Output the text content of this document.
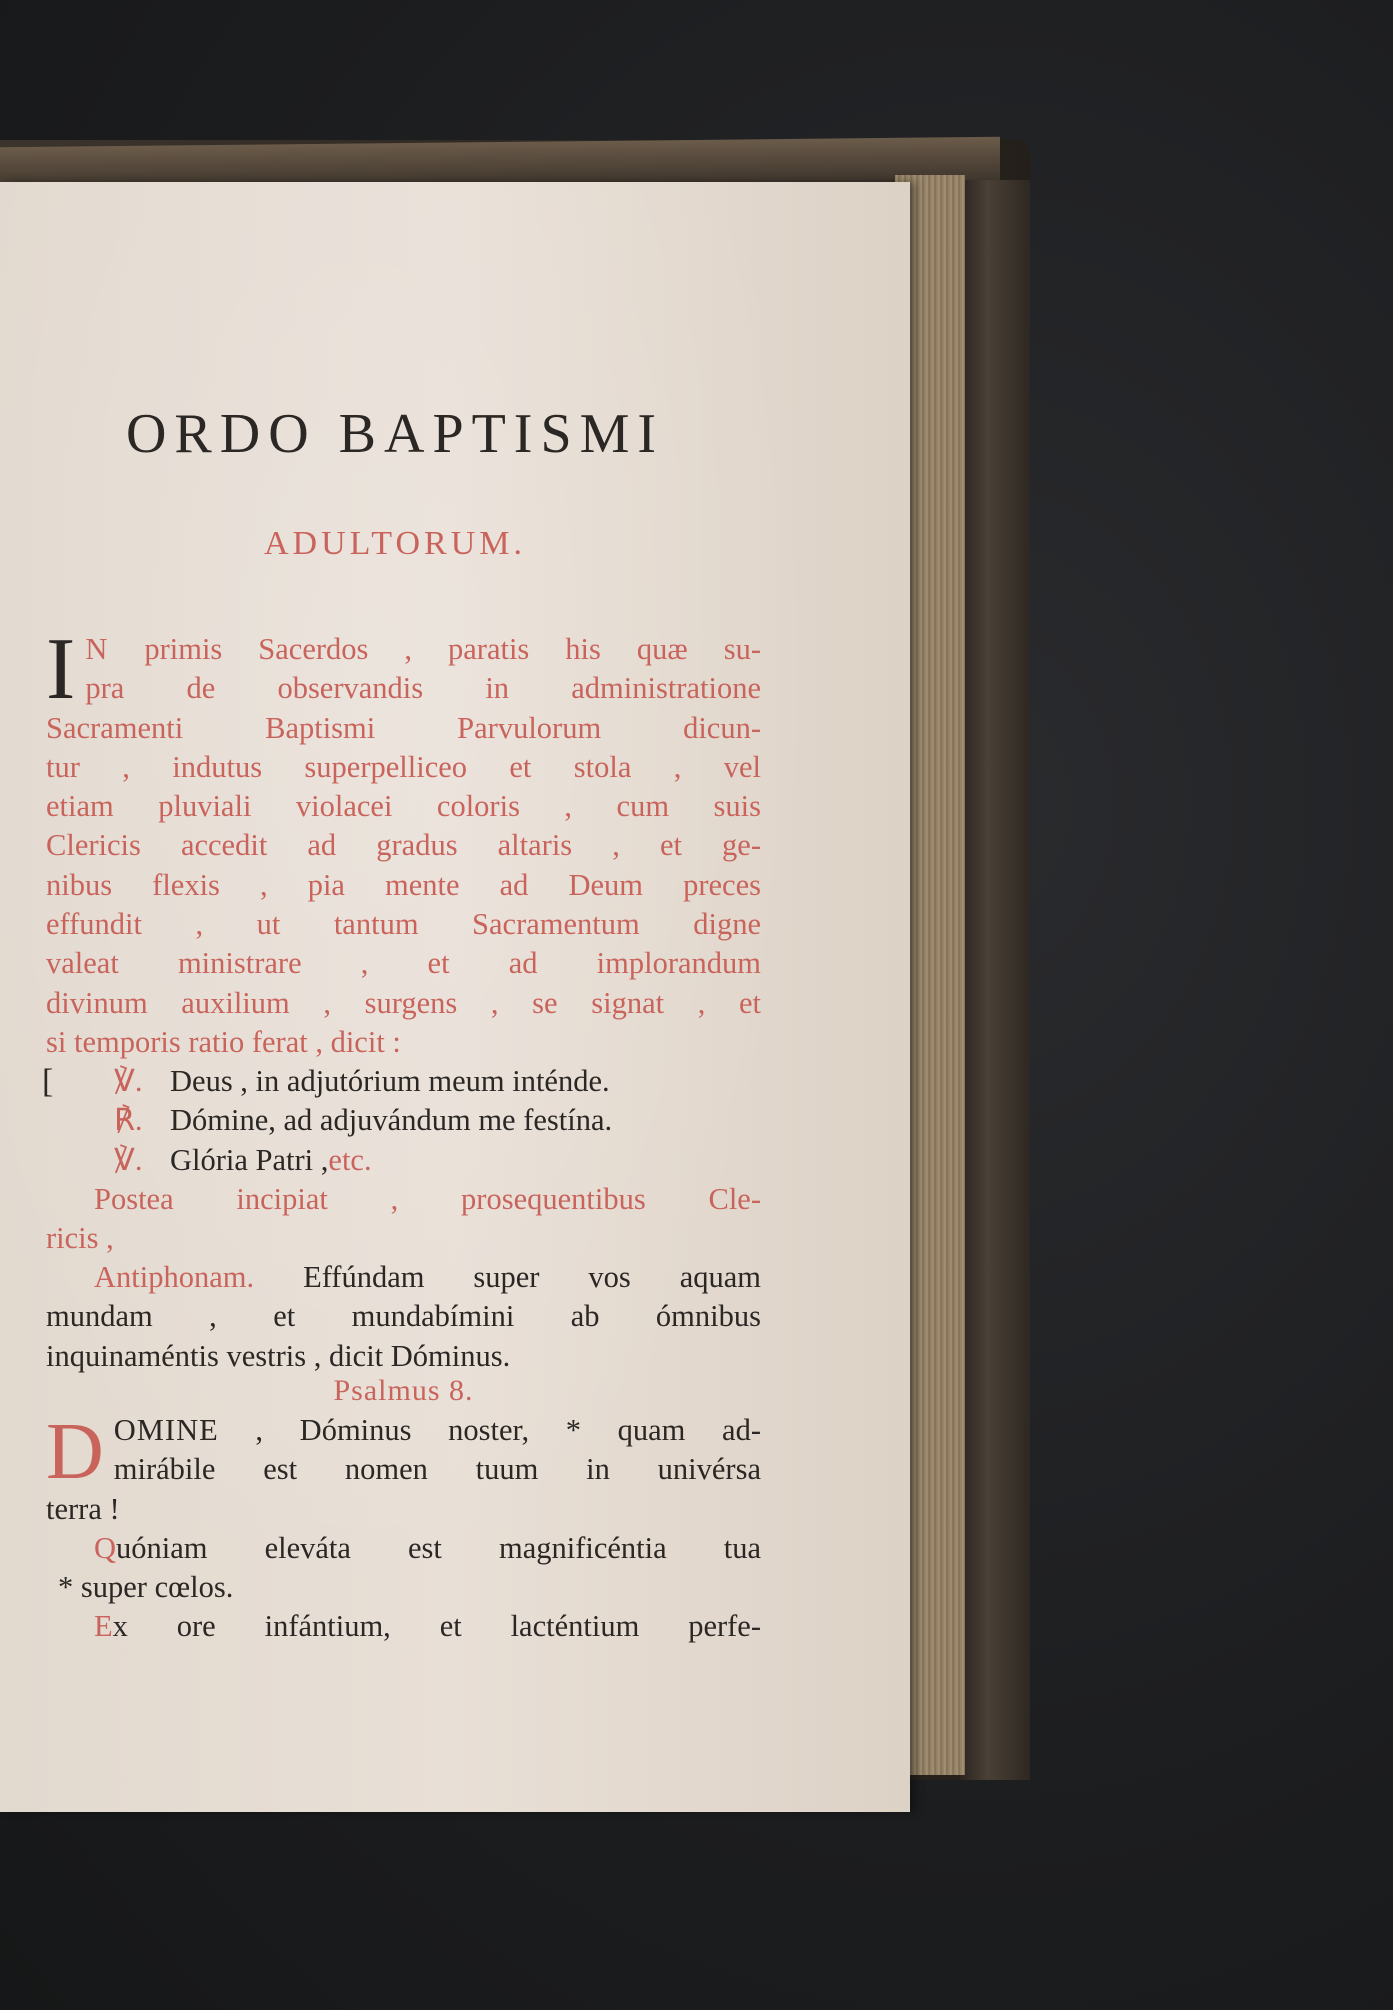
ORDO BAPTISMI
ADULTORUM.
I N primis Sacerdos , paratis his quæ su-
pra de observandis in administratione
Sacramenti Baptismi Parvulorum dicun-
tur , indutus superpelliceo et stola , vel
etiam pluviali violacei coloris , cum suis
Clericis accedit ad gradus altaris , et ge-
nibus flexis , pia mente ad Deum preces
effundit , ut tantum Sacramentum digne
valeat ministrare , et ad implorandum
divinum auxilium , surgens , se signat , et
si temporis ratio ferat , dicit :
[	℣. Deus , in adjutórium meum inténde.
℟. Dómine, ad adjuvándum me festína.
℣. Glória Patri ,etc.
Postea incipiat , prosequentibus Cle-
ricis ,
Antiphonam. Effúndam super vos aquam
mundam , et mundabímini ab ómnibus
inquinaméntis vestris , dicit Dóminus.
Psalmus 8.
D OMINE , Dóminus noster, * quam ad-
mirábile est nomen tuum in univérsa
terra !
Quóniam eleváta est magnificéntia tua
* super cœlos.
Ex ore infántium, et lacténtium perfe-
